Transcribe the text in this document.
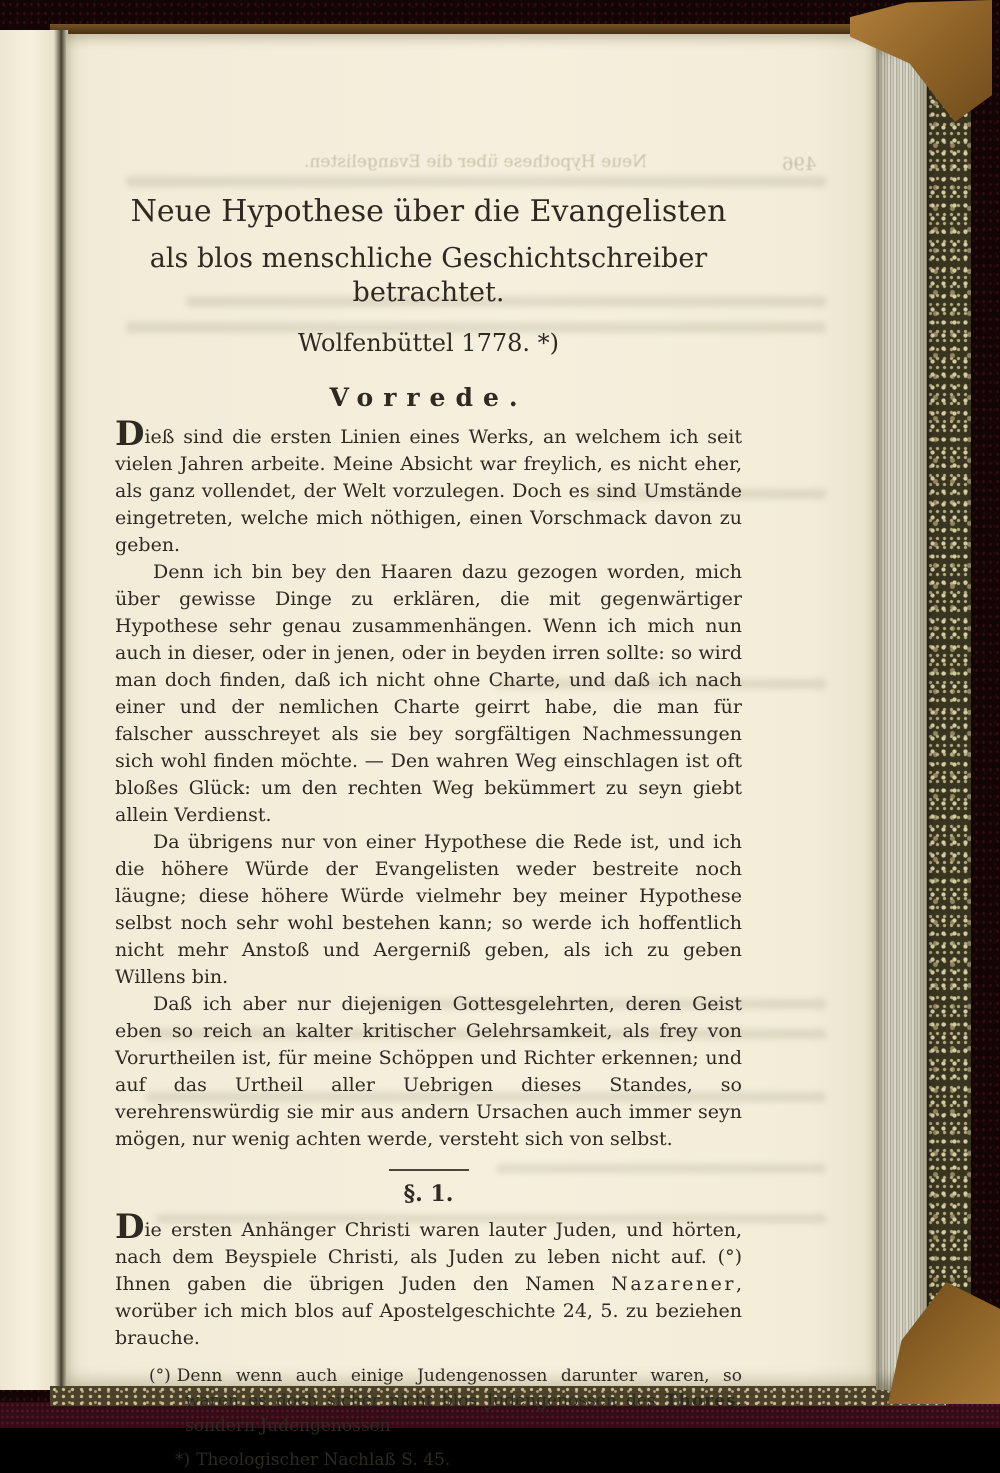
Neue Hypothese über die Evangelisten.	496
Neue Hypothese über die Evangelisten
als blos menschliche Geschichtschreiber betrachtet.
Wolfenbüttel 1778. *)
Vorrede.

Dieß sind die ersten Linien eines Werks, an welchem ich seit vielen Jahren arbeite. Meine Absicht war freylich, es nicht eher, als ganz vollendet, der Welt vorzulegen. Doch es sind Umstände eingetreten, welche mich nöthigen, einen Vorschmack davon zu geben.

Denn ich bin bey den Haaren dazu gezogen worden, mich über gewisse Dinge zu erklären, die mit gegenwärtiger Hypothese sehr genau zusammenhängen. Wenn ich mich nun auch in dieser, oder in jenen, oder in beyden irren sollte: so wird man doch finden, daß ich nicht ohne Charte, und daß ich nach einer und der nemlichen Charte geirrt habe, die man für falscher ausschreyet als sie bey sorgfältigen Nachmessungen sich wohl finden möchte. — Den wahren Weg einschlagen ist oft bloßes Glück: um den rechten Weg bekümmert zu seyn giebt allein Verdienst.

Da übrigens nur von einer Hypothese die Rede ist, und ich die höhere Würde der Evangelisten weder bestreite noch läugne; diese höhere Würde vielmehr bey meiner Hypothese selbst noch sehr wohl bestehen kann; so werde ich hoffentlich nicht mehr Anstoß und Aergerniß geben, als ich zu geben Willens bin.

Daß ich aber nur diejenigen Gottesgelehrten, deren Geist eben so reich an kalter kritischer Gelehrsamkeit, als frey von Vorurtheilen ist, für meine Schöppen und Richter erkennen; und auf das Urtheil aller Uebrigen dieses Standes, so verehrenswürdig sie mir aus andern Ursachen auch immer seyn mögen, nur wenig achten werde, versteht sich von selbst.

§. 1.

Die ersten Anhänger Christi waren lauter Juden, und hörten, nach dem Beyspiele Christi, als Juden zu leben nicht auf. (°) Ihnen gaben die übrigen Juden den Namen Nazarener, worüber ich mich blos auf Apostelgeschichte 24, 5. zu beziehen brauche.

(°) Denn wenn auch einige Judengenossen darunter waren, so waren es doch sicher nicht blos Judengenossen des Thores, sondern Judengenossen

*) Theologischer Nachlaß S. 45.
